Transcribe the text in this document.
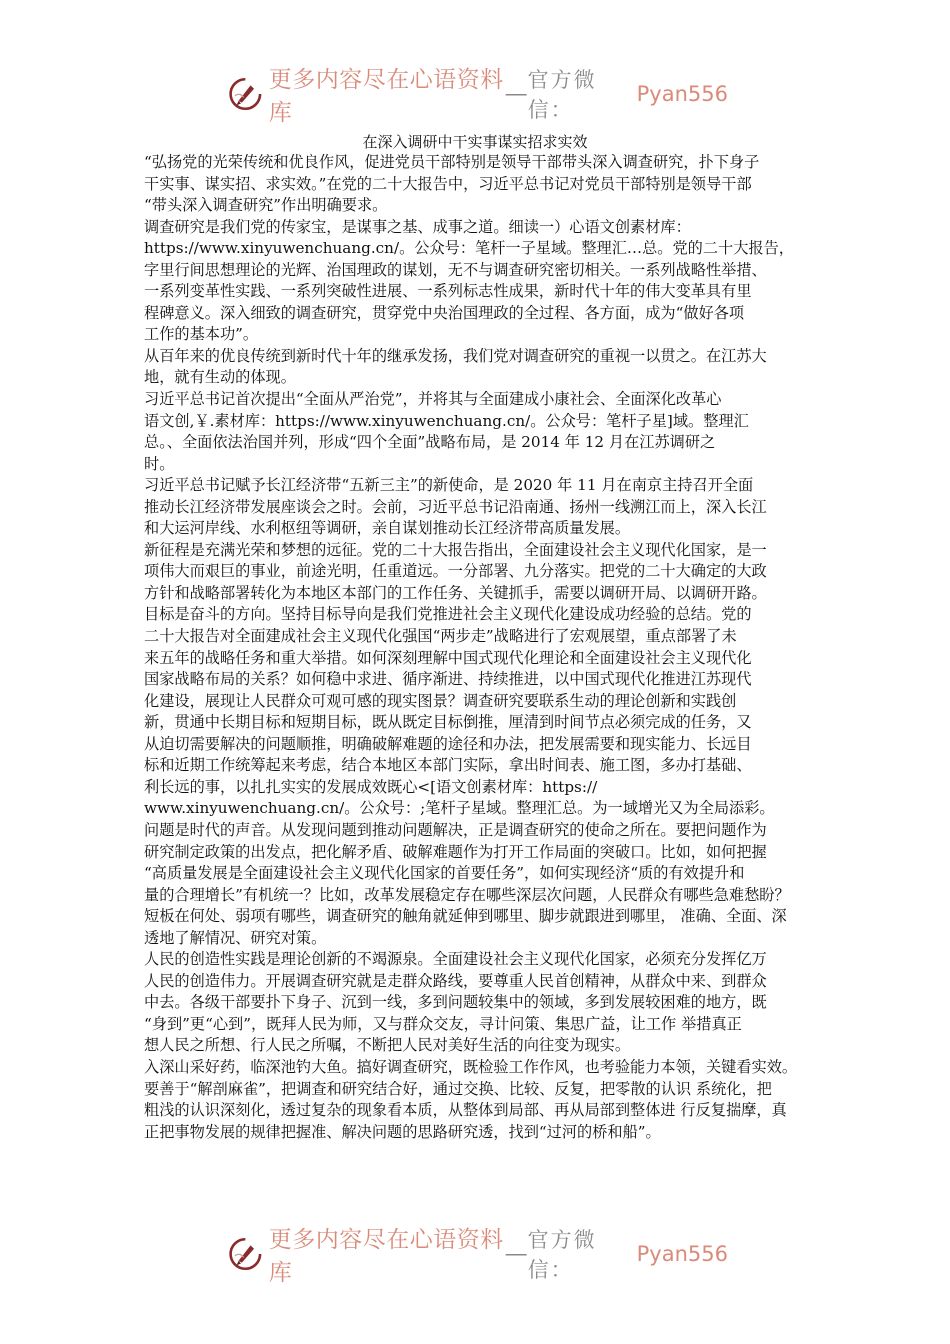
更多内容尽在心语资料库
—
官方微信：
Pyan556
在深入调研中干实事谋实招求实效
“弘扬党的光荣传统和优良作风，促进党员干部特别是领导干部带头深入调查研究，扑下身子
干实事、谋实招、求实效。”在党的二十大报告中，习近平总书记对党员干部特别是领导干部
“带头深入调查研究”作出明确要求。
调查研究是我们党的传家宝，是谋事之基、成事之道。细读一）心语文创素材库：
https://www.xinyuwenchuang.cn/。公众号：笔杆一子星域。整理汇…总。党的二十大报告，
字里行间思想理论的光辉、治国理政的谋划，无不与调查研究密切相关。一系列战略性举措、
一系列变革性实践、一系列突破性进展、一系列标志性成果，新时代十年的伟大变革具有里
程碑意义。深入细致的调查研究，贯穿党中央治国理政的全过程、各方面，成为“做好各项
工作的基本功”。
从百年来的优良传统到新时代十年的继承发扬，我们党对调查研究的重视一以贯之。在江苏大
地，就有生动的体现。
习近平总书记首次提出“全面从严治党”，并将其与全面建成小康社会、全面深化改革心
语文创,￥.素材库：https://www.xinyuwenchuang.cn/。公众号：笔杆子星]域。整理汇
总。、全面依法治国并列，形成“四个全面”战略布局，是 2014 年 12 月在江苏调研之
时。
习近平总书记赋予长江经济带“五新三主”的新使命，是 2020 年 11 月在南京主持召开全面
推动长江经济带发展座谈会之时。会前，习近平总书记沿南通、扬州一线溯江而上，深入长江
和大运河岸线、水利枢纽等调研，亲自谋划推动长江经济带高质量发展。
新征程是充满光荣和梦想的远征。党的二十大报告指出，全面建设社会主义现代化国家，是一
项伟大而艰巨的事业，前途光明，任重道远。一分部署、九分落实。把党的二十大确定的大政
方针和战略部署转化为本地区本部门的工作任务、关键抓手，需要以调研开局、以调研开路。
目标是奋斗的方向。坚持目标导向是我们党推进社会主义现代化建设成功经验的总结。党的
二十大报告对全面建成社会主义现代化强国“两步走”战略进行了宏观展望，重点部署了未
来五年的战略任务和重大举措。如何深刻理解中国式现代化理论和全面建设社会主义现代化
国家战略布局的关系？如何稳中求进、循序渐进、持续推进，以中国式现代化推进江苏现代
化建设，展现让人民群众可观可感的现实图景？调查研究要联系生动的理论创新和实践创
新，贯通中长期目标和短期目标，既从既定目标倒推，厘清到时间节点必须完成的任务，又
从迫切需要解决的问题顺推，明确破解难题的途径和办法，把发展需要和现实能力、长远目
标和近期工作统筹起来考虑，结合本地区本部门实际，拿出时间表、施工图，多办打基础、
利长远的事，以扎扎实实的发展成效既心<[语文创素材库：https://
www.xinyuwenchuang.cn/。公众号：;笔杆子星域。整理汇总。为一域增光又为全局添彩。
问题是时代的声音。从发现问题到推动问题解决，正是调查研究的使命之所在。要把问题作为
研究制定政策的出发点，把化解矛盾、破解难题作为打开工作局面的突破口。比如，如何把握
“高质量发展是全面建设社会主义现代化国家的首要任务”，如何实现经济“质的有效提升和
量的合理增长”有机统一？比如，改革发展稳定存在哪些深层次问题，人民群众有哪些急难愁盼？
短板在何处、弱项有哪些，调查研究的触角就延伸到哪里、脚步就跟进到哪里， 准确、全面、深
透地了解情况、研究对策。
人民的创造性实践是理论创新的不竭源泉。全面建设社会主义现代化国家，必须充分发挥亿万
人民的创造伟力。开展调查研究就是走群众路线，要尊重人民首创精神，从群众中来、到群众
中去。各级干部要扑下身子、沉到一线，多到问题较集中的领域，多到发展较困难的地方，既
“身到”更“心到”，既拜人民为师，又与群众交友，寻计问策、集思广益，让工作 举措真正
想人民之所想、行人民之所嘱，不断把人民对美好生活的向往变为现实。
入深山采好药，临深池钓大鱼。搞好调查研究，既检验工作作风，也考验能力本领，关键看实效。
要善于“解剖麻雀”，把调查和研究结合好，通过交换、比较、反复，把零散的认识 系统化，把
粗浅的认识深刻化，透过复杂的现象看本质，从整体到局部、再从局部到整体进 行反复揣摩，真
正把事物发展的规律把握准、解决问题的思路研究透，找到“过河的桥和船”。
更多内容尽在心语资料库
—
官方微信：
Pyan556
